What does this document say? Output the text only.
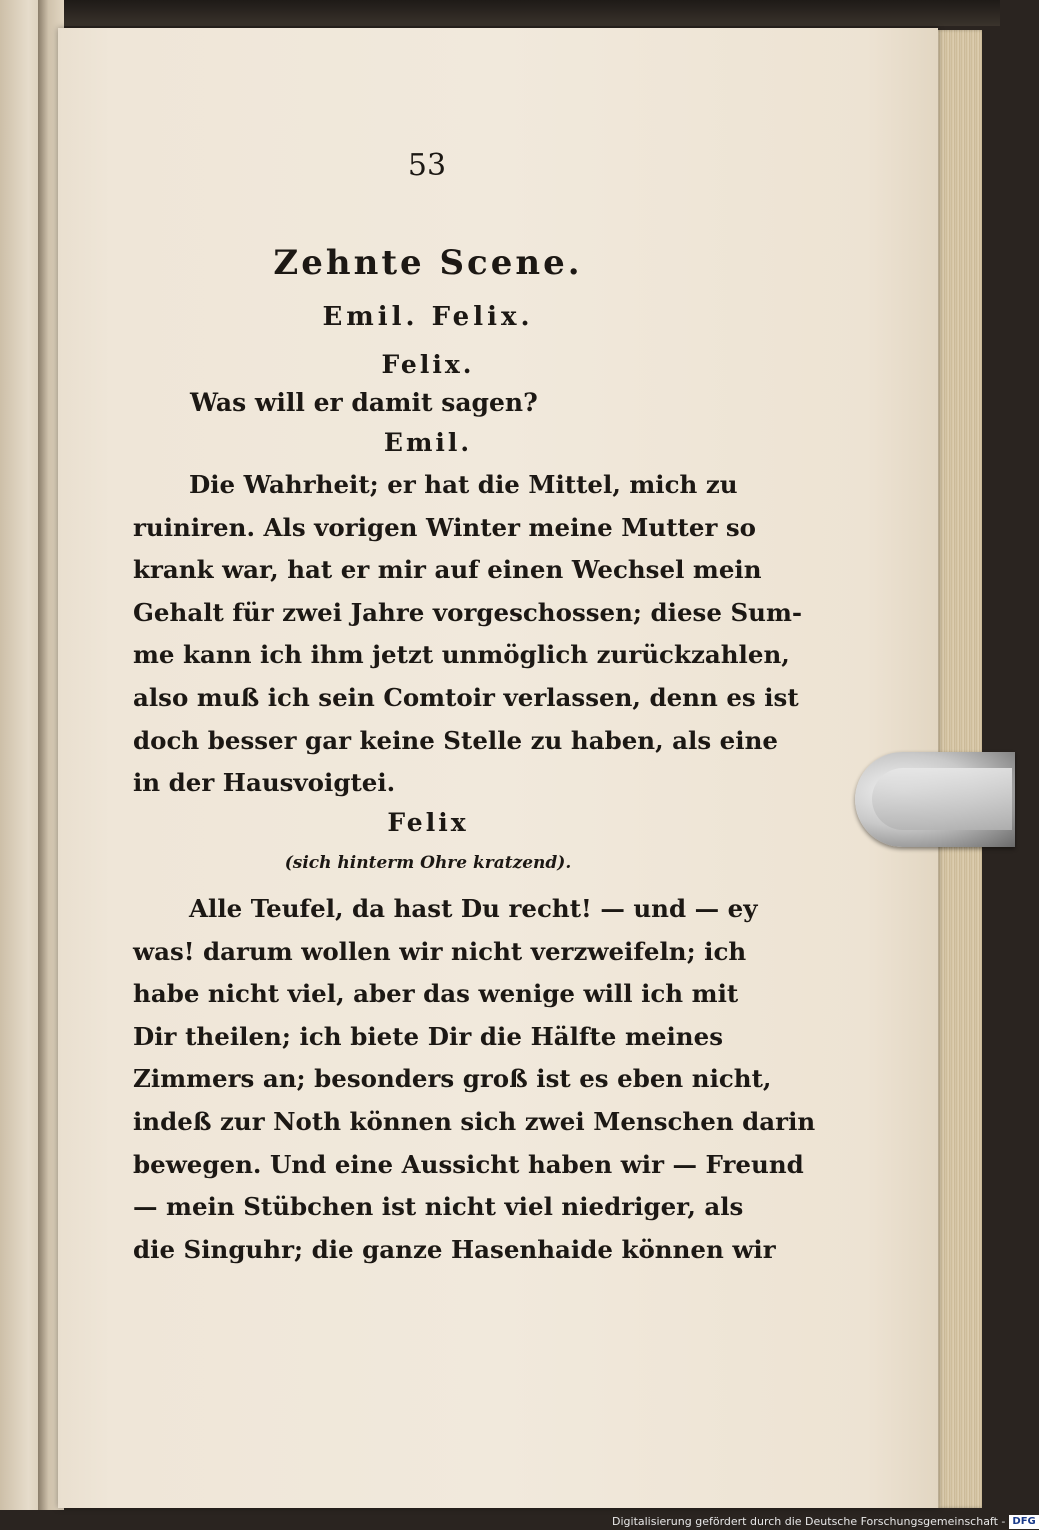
53
Zehnte Scene.
Emil. Felix.
Felix.
Was will er damit sagen?
Emil.
Die Wahrheit; er hat die Mittel, mich zu
ruiniren. Als vorigen Winter meine Mutter so
krank war, hat er mir auf einen Wechsel mein
Gehalt für zwei Jahre vorgeschossen; diese Sum-
me kann ich ihm jetzt unmöglich zurückzahlen,
also muß ich sein Comtoir verlassen, denn es ist
doch besser gar keine Stelle zu haben, als eine
in der Hausvoigtei.
Felix
(sich hinterm Ohre kratzend).
Alle Teufel, da hast Du recht! — und — ey
was! darum wollen wir nicht verzweifeln; ich
habe nicht viel, aber das wenige will ich mit
Dir theilen; ich biete Dir die Hälfte meines
Zimmers an; besonders groß ist es eben nicht,
indeß zur Noth können sich zwei Menschen darin
bewegen. Und eine Aussicht haben wir — Freund
— mein Stübchen ist nicht viel niedriger, als
die Singuhr; die ganze Hasenhaide können wir
Digitalisierung gefördert durch die Deutsche Forschungsgemeinschaft - DFG
